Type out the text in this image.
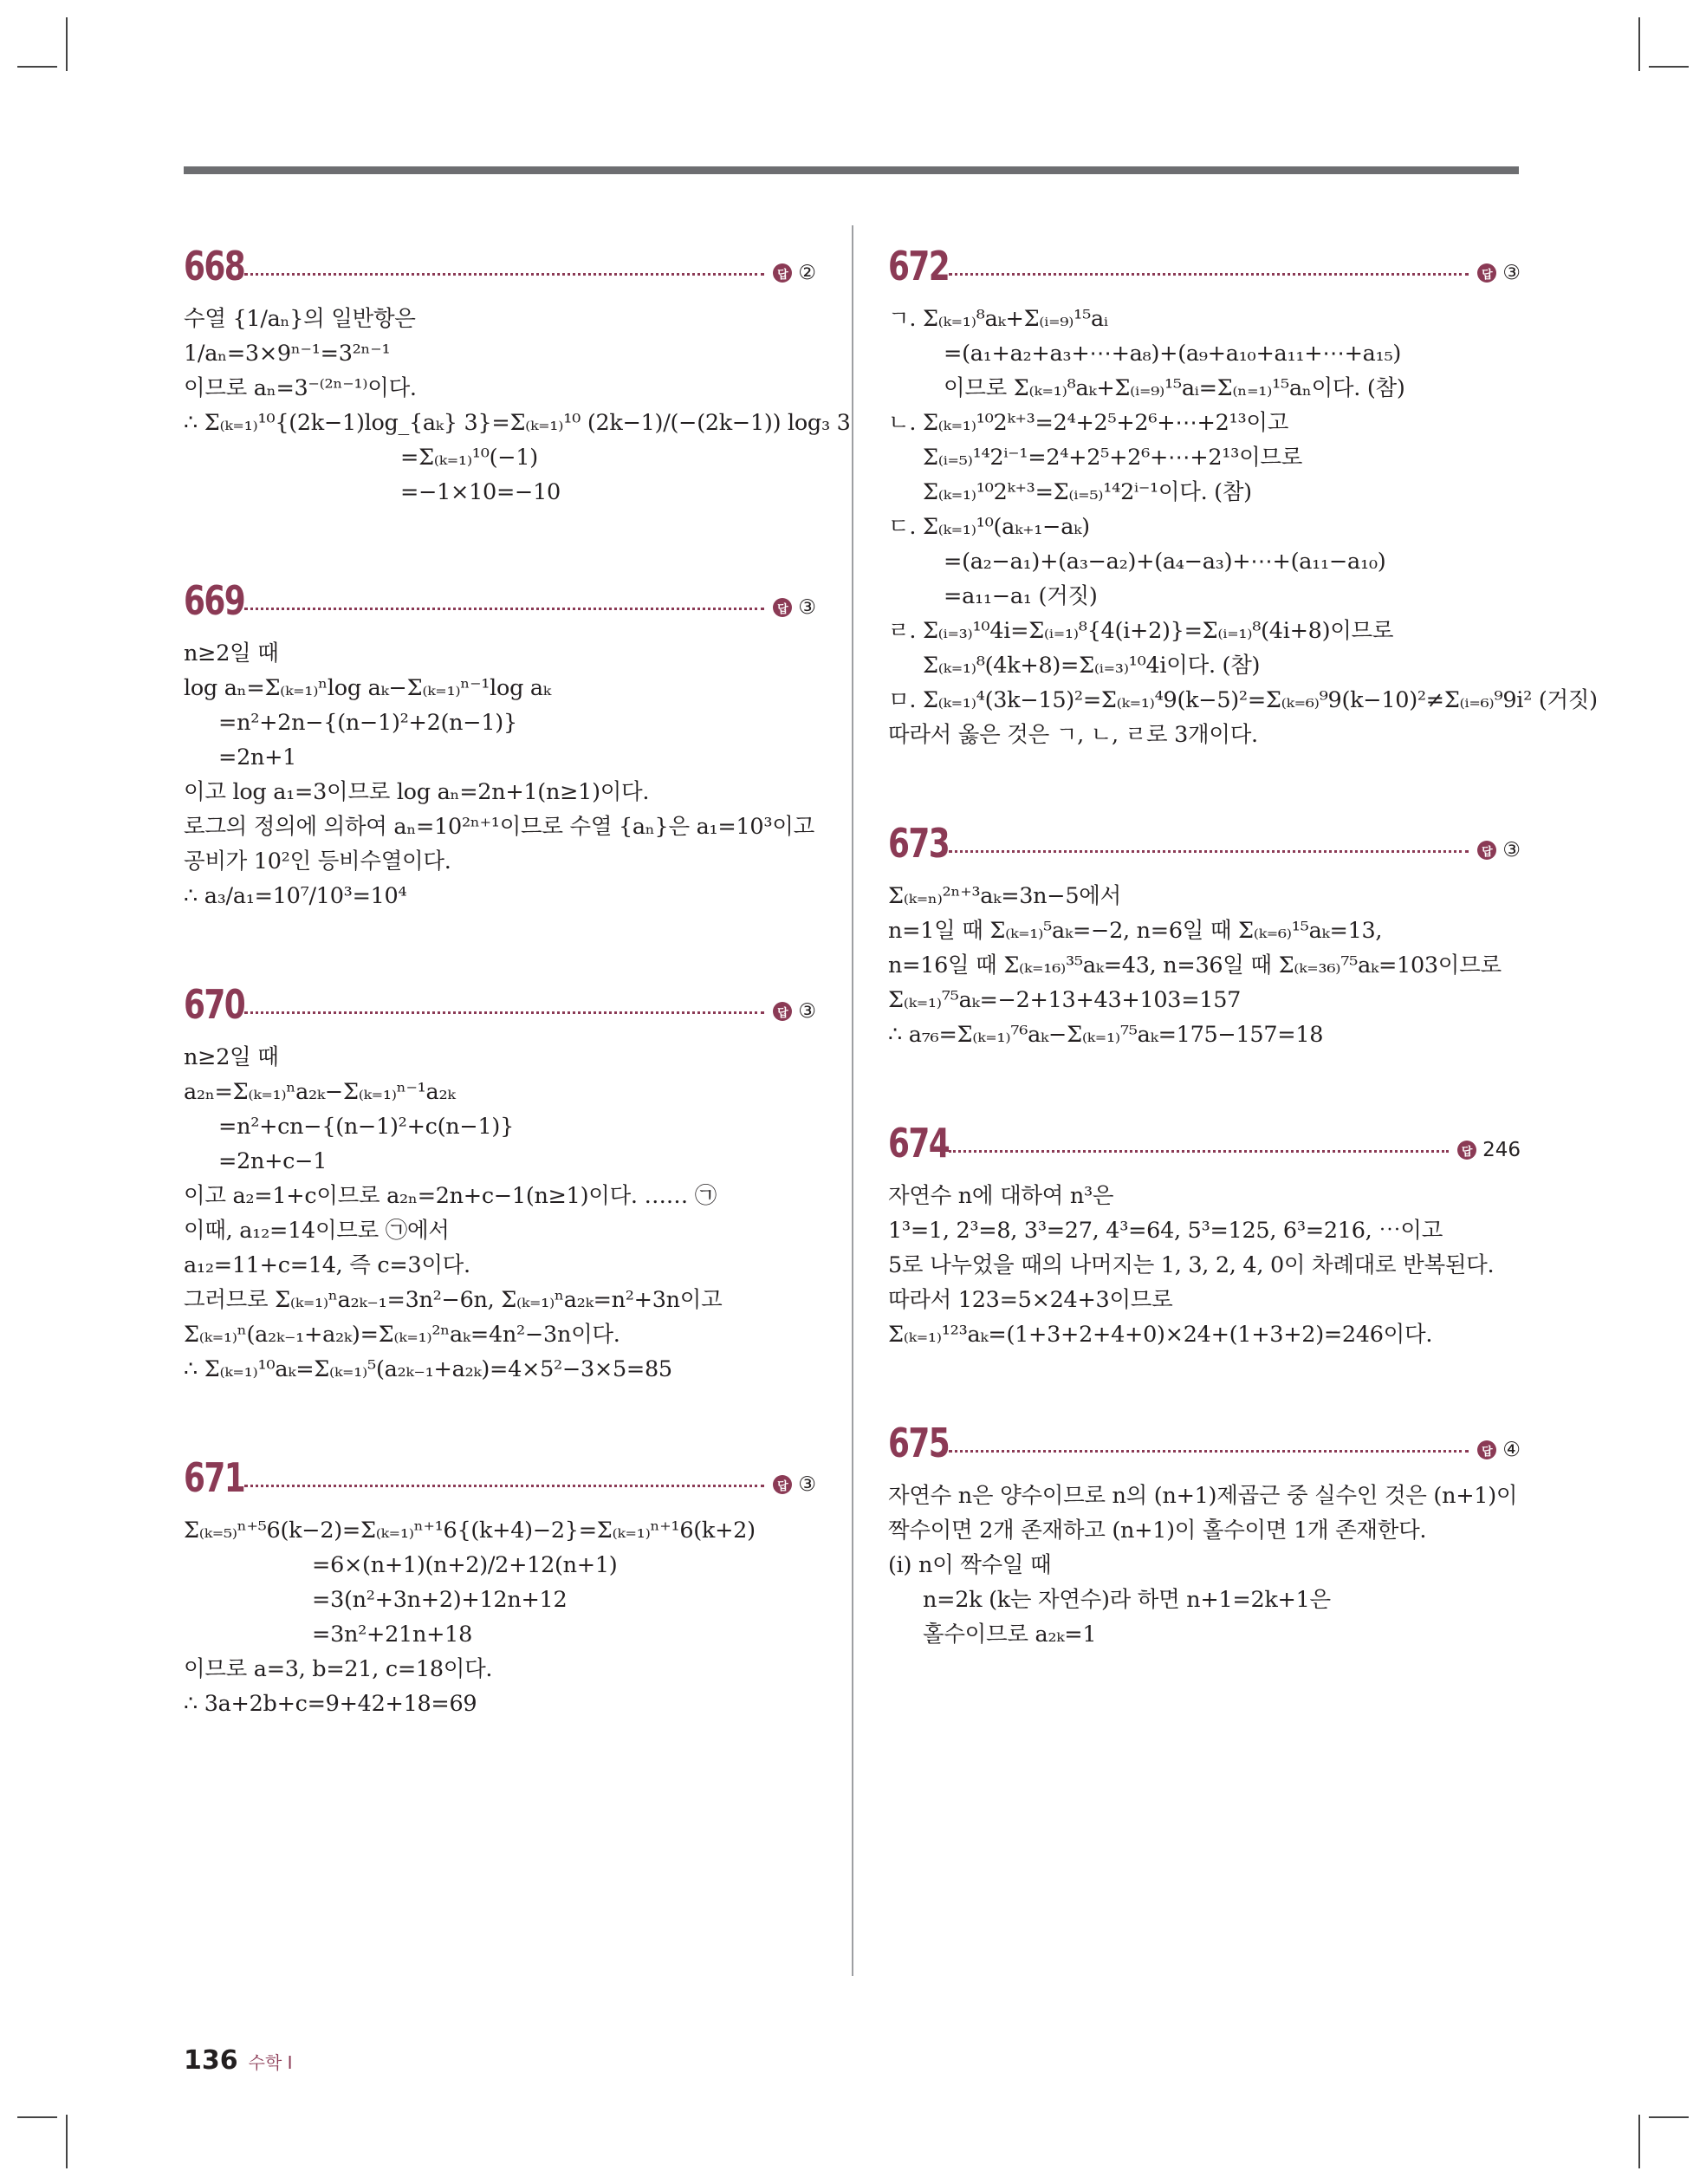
668	답 ②
수열 {1/aₙ}의 일반항은
1/aₙ=3×9ⁿ⁻¹=3²ⁿ⁻¹
이므로 aₙ=3⁻⁽²ⁿ⁻¹⁾이다.
∴ Σ₍ₖ₌₁₎¹⁰{(2k−1)log_{aₖ} 3}=Σ₍ₖ₌₁₎¹⁰ (2k−1)/(−(2k−1)) log₃ 3
=Σ₍ₖ₌₁₎¹⁰(−1)
=−1×10=−10
669	답 ③
n≥2일 때
log aₙ=Σ₍ₖ₌₁₎ⁿlog aₖ−Σ₍ₖ₌₁₎ⁿ⁻¹log aₖ
=n²+2n−{(n−1)²+2(n−1)}
=2n+1
이고 log a₁=3이므로 log aₙ=2n+1(n≥1)이다.
로그의 정의에 의하여 aₙ=10²ⁿ⁺¹이므로 수열 {aₙ}은 a₁=10³이고
공비가 10²인 등비수열이다.
∴ a₃/a₁=10⁷/10³=10⁴
670	답 ③
n≥2일 때
a₂ₙ=Σ₍ₖ₌₁₎ⁿa₂ₖ−Σ₍ₖ₌₁₎ⁿ⁻¹a₂ₖ
=n²+cn−{(n−1)²+c(n−1)}
=2n+c−1
이고 a₂=1+c이므로 a₂ₙ=2n+c−1(n≥1)이다. …… ㉠
이때, a₁₂=14이므로 ㉠에서
a₁₂=11+c=14, 즉 c=3이다.
그러므로 Σ₍ₖ₌₁₎ⁿa₂ₖ₋₁=3n²−6n, Σ₍ₖ₌₁₎ⁿa₂ₖ=n²+3n이고
Σ₍ₖ₌₁₎ⁿ(a₂ₖ₋₁+a₂ₖ)=Σ₍ₖ₌₁₎²ⁿaₖ=4n²−3n이다.
∴ Σ₍ₖ₌₁₎¹⁰aₖ=Σ₍ₖ₌₁₎⁵(a₂ₖ₋₁+a₂ₖ)=4×5²−3×5=85
671	답 ③
Σ₍ₖ₌₅₎ⁿ⁺⁵6(k−2)=Σ₍ₖ₌₁₎ⁿ⁺¹6{(k+4)−2}=Σ₍ₖ₌₁₎ⁿ⁺¹6(k+2)
=6×(n+1)(n+2)/2+12(n+1)
=3(n²+3n+2)+12n+12
=3n²+21n+18
이므로 a=3, b=21, c=18이다.
∴ 3a+2b+c=9+42+18=69
672	답 ③
ㄱ. Σ₍ₖ₌₁₎⁸aₖ+Σ₍ᵢ₌₉₎¹⁵aᵢ
=(a₁+a₂+a₃+⋯+a₈)+(a₉+a₁₀+a₁₁+⋯+a₁₅)
이므로 Σ₍ₖ₌₁₎⁸aₖ+Σ₍ᵢ₌₉₎¹⁵aᵢ=Σ₍ₙ₌₁₎¹⁵aₙ이다. (참)
ㄴ. Σ₍ₖ₌₁₎¹⁰2ᵏ⁺³=2⁴+2⁵+2⁶+⋯+2¹³이고
Σ₍ᵢ₌₅₎¹⁴2ⁱ⁻¹=2⁴+2⁵+2⁶+⋯+2¹³이므로
Σ₍ₖ₌₁₎¹⁰2ᵏ⁺³=Σ₍ᵢ₌₅₎¹⁴2ⁱ⁻¹이다. (참)
ㄷ. Σ₍ₖ₌₁₎¹⁰(aₖ₊₁−aₖ)
=(a₂−a₁)+(a₃−a₂)+(a₄−a₃)+⋯+(a₁₁−a₁₀)
=a₁₁−a₁ (거짓)
ㄹ. Σ₍ᵢ₌₃₎¹⁰4i=Σ₍ᵢ₌₁₎⁸{4(i+2)}=Σ₍ᵢ₌₁₎⁸(4i+8)이므로
Σ₍ₖ₌₁₎⁸(4k+8)=Σ₍ᵢ₌₃₎¹⁰4i이다. (참)
ㅁ. Σ₍ₖ₌₁₎⁴(3k−15)²=Σ₍ₖ₌₁₎⁴9(k−5)²=Σ₍ₖ₌₆₎⁹9(k−10)²≠Σ₍ᵢ₌₆₎⁹9i² (거짓)
따라서 옳은 것은 ㄱ, ㄴ, ㄹ로 3개이다.
673	답 ③
Σ₍ₖ₌ₙ₎²ⁿ⁺³aₖ=3n−5에서
n=1일 때 Σ₍ₖ₌₁₎⁵aₖ=−2, n=6일 때 Σ₍ₖ₌₆₎¹⁵aₖ=13,
n=16일 때 Σ₍ₖ₌₁₆₎³⁵aₖ=43, n=36일 때 Σ₍ₖ₌₃₆₎⁷⁵aₖ=103이므로
Σ₍ₖ₌₁₎⁷⁵aₖ=−2+13+43+103=157
∴ a₇₆=Σ₍ₖ₌₁₎⁷⁶aₖ−Σ₍ₖ₌₁₎⁷⁵aₖ=175−157=18
674	답 246
자연수 n에 대하여 n³은
1³=1, 2³=8, 3³=27, 4³=64, 5³=125, 6³=216, ⋯이고
5로 나누었을 때의 나머지는 1, 3, 2, 4, 0이 차례대로 반복된다.
따라서 123=5×24+3이므로
Σ₍ₖ₌₁₎¹²³aₖ=(1+3+2+4+0)×24+(1+3+2)=246이다.
675	답 ④
자연수 n은 양수이므로 n의 (n+1)제곱근 중 실수인 것은 (n+1)이
짝수이면 2개 존재하고 (n+1)이 홀수이면 1개 존재한다.
(i) n이 짝수일 때
n=2k (k는 자연수)라 하면 n+1=2k+1은
홀수이므로 a₂ₖ=1
136 수학 I
